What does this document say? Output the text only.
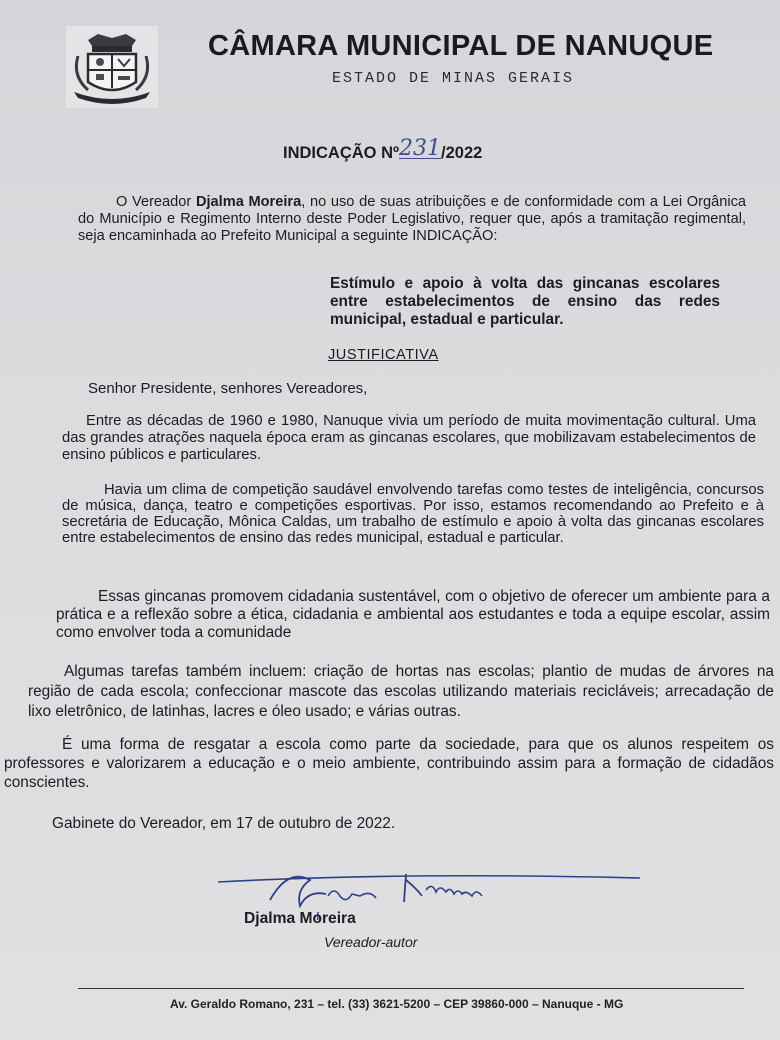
CÂMARA MUNICIPAL DE NANUQUE
ESTADO DE MINAS GERAIS
INDICAÇÃO Nº231/2022
O Vereador Djalma Moreira, no uso de suas atribuições e de conformidade com a Lei Orgânica do Município e Regimento Interno deste Poder Legislativo, requer que, após a tramitação regimental, seja encaminhada ao Prefeito Municipal a seguinte INDICAÇÃO:
Estímulo e apoio à volta das gincanas escolares entre estabelecimentos de ensino das redes municipal, estadual e particular.
JUSTIFICATIVA
Senhor Presidente, senhores Vereadores,
Entre as décadas de 1960 e 1980, Nanuque vivia um período de muita movimentação cultural. Uma das grandes atrações naquela época eram as gincanas escolares, que mobilizavam estabelecimentos de ensino públicos e particulares.
Havia um clima de competição saudável envolvendo tarefas como testes de inteligência, concursos de música, dança, teatro e competições esportivas. Por isso, estamos recomendando ao Prefeito e à secretária de Educação, Mônica Caldas, um trabalho de estímulo e apoio à volta das gincanas escolares entre estabelecimentos de ensino das redes municipal, estadual e particular.
Essas gincanas promovem cidadania sustentável, com o objetivo de oferecer um ambiente para a prática e a reflexão sobre a ética, cidadania e ambiental aos estudantes e toda a equipe escolar, assim como envolver toda a comunidade
Algumas tarefas também incluem: criação de hortas nas escolas; plantio de mudas de árvores na região de cada escola; confeccionar mascote das escolas utilizando materiais recicláveis; arrecadação de lixo eletrônico, de latinhas, lacres e óleo usado; e várias outras.
É uma forma de resgatar a escola como parte da sociedade, para que os alunos respeitem os professores e valorizarem a educação e o meio ambiente, contribuindo assim para a formação de cidadãos conscientes.
Gabinete do Vereador, em 17 de outubro de 2022.
Djalma Moreira
Vereador-autor
Av. Geraldo Romano, 231 – tel. (33) 3621-5200 – CEP 39860-000 – Nanuque - MG
